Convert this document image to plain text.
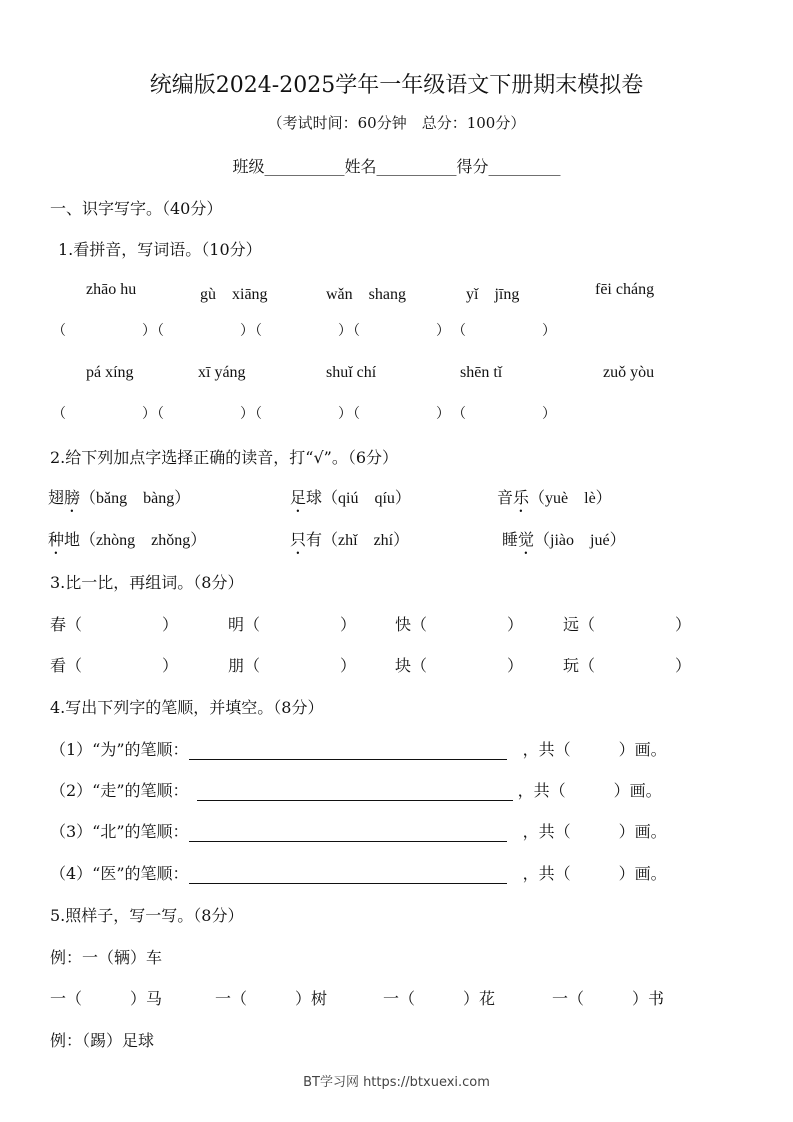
统编版2024-2025学年一年级语文下册期末模拟卷
（考试时间：60分钟　总分：100分）
班级__________姓名__________得分_________
一、识字写字。（40分）
1.看拼音，写词语。（10分）
zhāo hu	gù　xiāng	wǎn　shang	yǐ　jīng	fēi cháng
（　　　　　）（　　　　　）（　　　　　）（　　　　　）　（　　　　　）
pá xíng	xī yáng	shuǐ chí	shēn tǐ	zuǒ yòu
（　　　　　）（　　　　　）（　　　　　）（　　　　　）　（　　　　　）
2.给下列加点字选择正确的读音，打“√”。（6分）
翅膀（bǎng　bàng）	足球（qiú　qíu）	音乐（yuè　lè）
种地（zhòng　zhǒng）	只有（zhǐ　zhí）	睡觉（jiào　jué）
3.比一比，再组词。（8分）
春（　　　　　）	明（　　　　　） 快（　　　　　） 远（　　　　　）
看（　　　　　）	朋（　　　　　） 块（　　　　　） 玩（　　　　　）
4.写出下列字的笔顺，并填空。（8分）
（1）“为”的笔顺：　	，共（　　　）画。
（2）“走”的笔顺：　	，共（　　　）画。
（3）“北”的笔顺：　	，共（　　　）画。
（4）“医”的笔顺：　	，共（　　　）画。
5.照样子，写一写。（8分）
例：一（辆）车
一（　　　）马	一（　　　）树	一（　　　）花	一（　　　）书
例：（踢）足球
BT学习网 https://btxuexi.com
